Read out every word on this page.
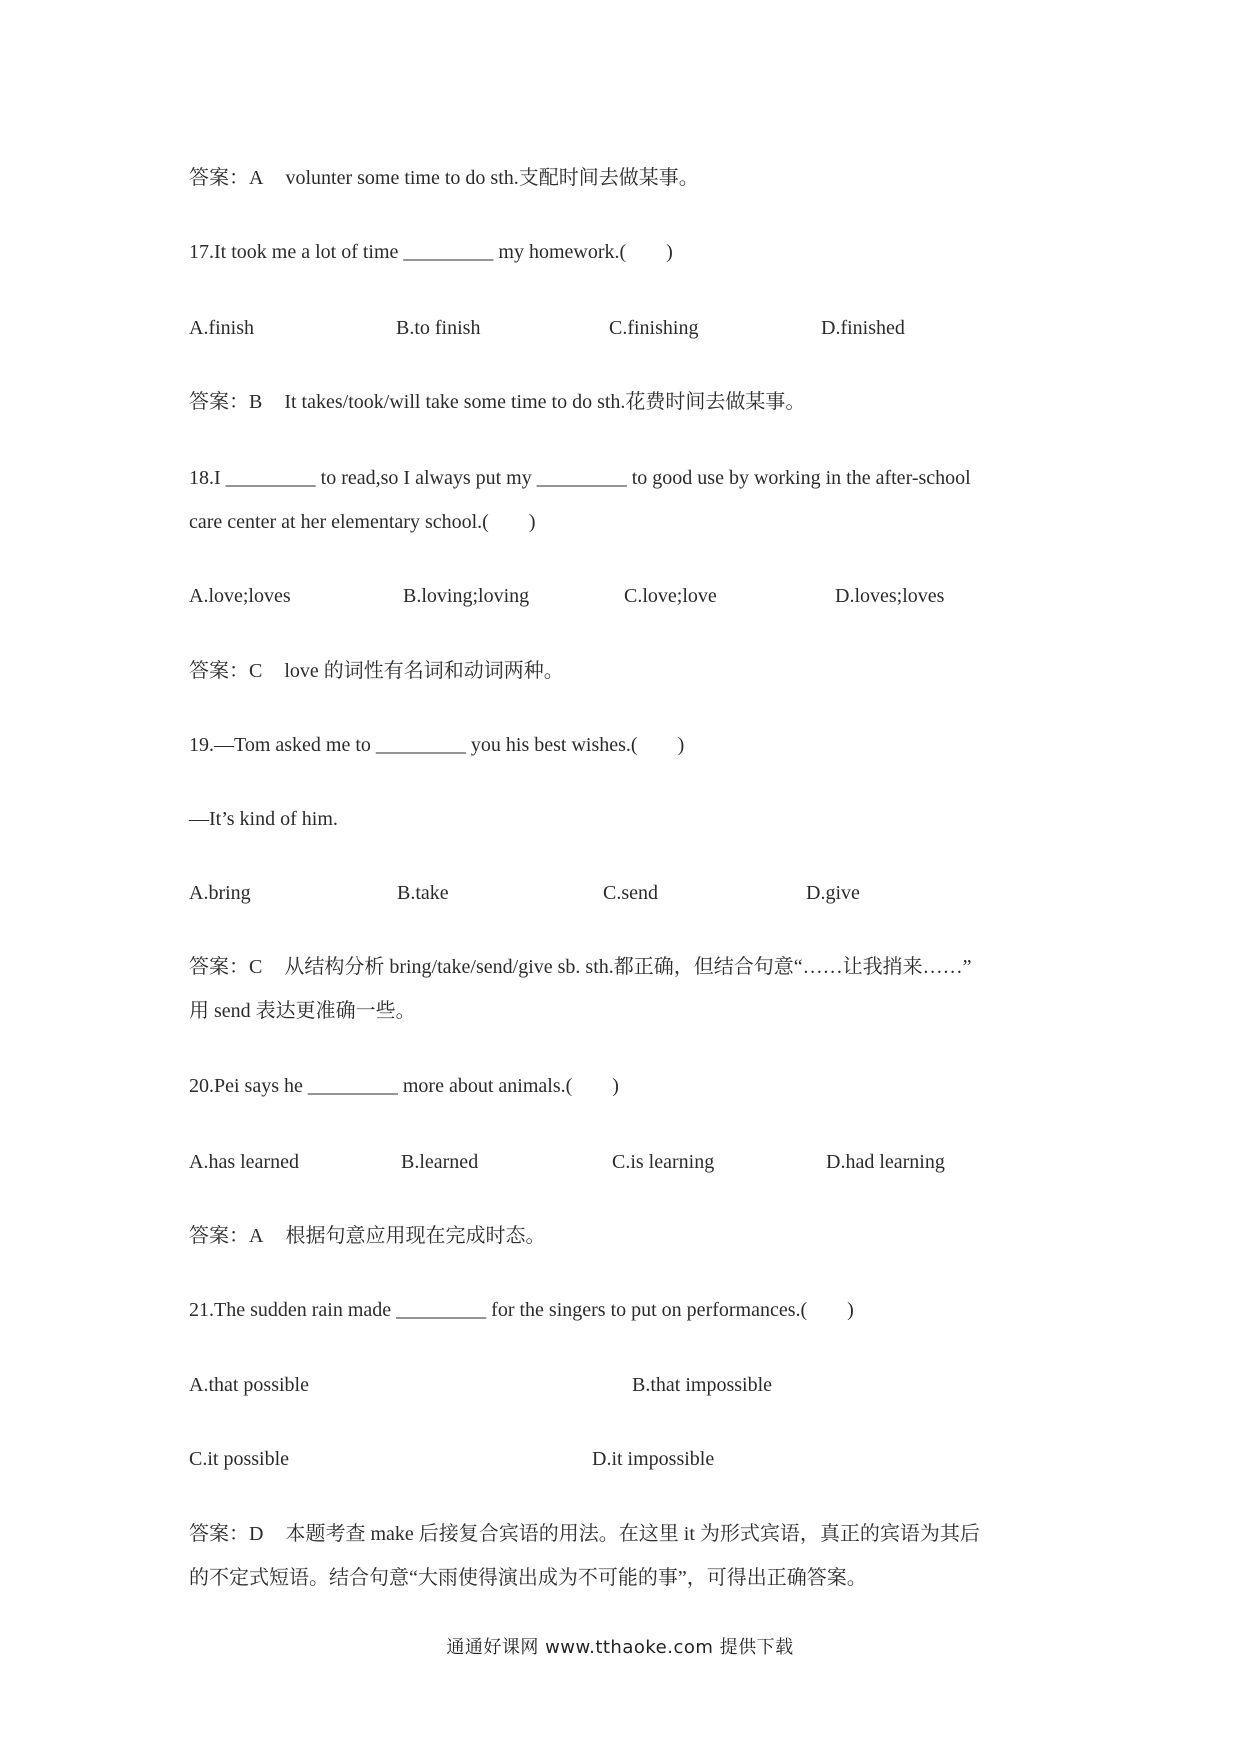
答案：A volunter some time to do sth.支配时间去做某事。
17.It took me a lot of time _________ my homework.(  )
A.finish	B.to finish	C.finishing	D.finished
答案：B It takes/took/will take some time to do sth.花费时间去做某事。
18.I _________ to read,so I always put my _________ to good use by working in the after-school
care center at her elementary school.(  )
A.love;loves	B.loving;loving	C.love;love	D.loves;loves
答案：C love 的词性有名词和动词两种。
19.—Tom asked me to _________ you his best wishes.(  )
—It’s kind of him.
A.bring	B.take	C.send	D.give
答案：C 从结构分析 bring/take/send/give sb. sth.都正确，但结合句意“……让我捎来……”
用 send 表达更准确一些。
20.Pei says he _________ more about animals.(  )
A.has learned	B.learned	C.is learning	D.had learning
答案：A 根据句意应用现在完成时态。
21.The sudden rain made _________ for the singers to put on performances.(  )
A.that possible	B.that impossible
C.it possible	D.it impossible
答案：D 本题考查 make 后接复合宾语的用法。在这里 it 为形式宾语，真正的宾语为其后
的不定式短语。结合句意“大雨使得演出成为不可能的事”，可得出正确答案。
通通好课网 www.tthaoke.com 提供下载
